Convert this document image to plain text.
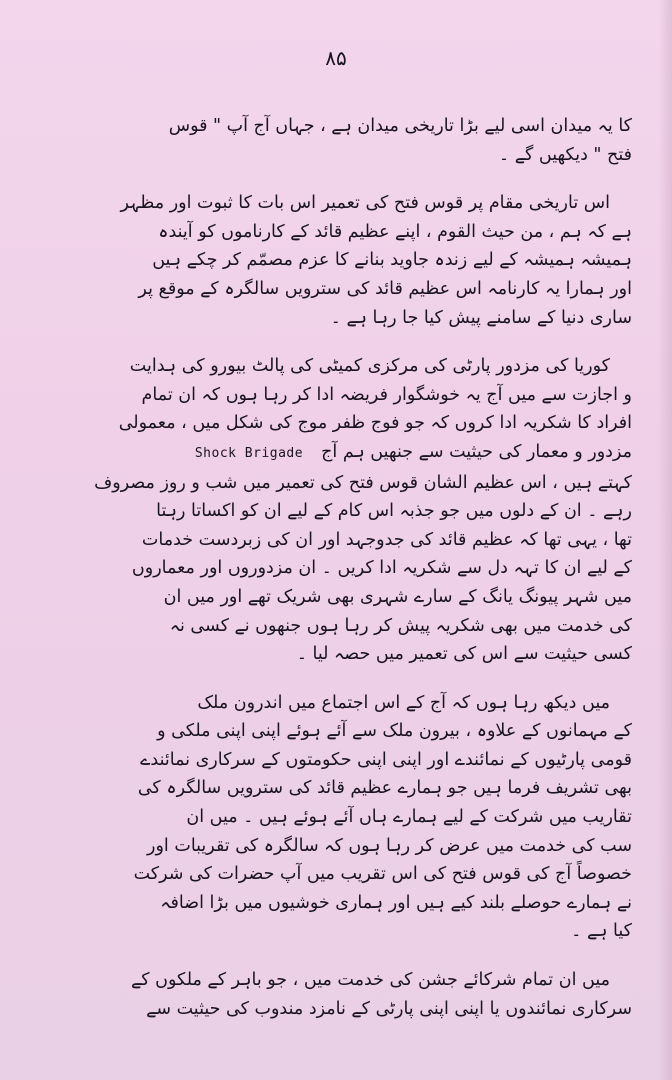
۸۵
کا یہ میدان اسی لیے بڑا تاریخی میدان ہے ، جہاں آج آپ " قوس
فتح " دیکھیں گے ۔
اس تاریخی مقام پر قوس فتح کی تعمیر اس بات کا ثبوت اور مظہر
ہے کہ ہم ، من حیث القوم ، اپنے عظیم قائد کے کارناموں کو آیندہ
ہمیشہ ہمیشہ کے لیے زندہ جاوید بنانے کا عزم مصمّم کر چکے ہیں
اور ہمارا یہ کارنامہ اس عظیم قائد کی سترویں سالگرہ کے موقع پر
ساری دنیا کے سامنے پیش کیا جا رہا ہے ۔
کوریا کی مزدور پارٹی کی مرکزی کمیٹی کی پالٹ بیورو کی ہدایت
و اجازت سے میں آج یہ خوشگوار فریضہ ادا کر رہا ہوں کہ ان تمام
افراد کا شکریہ ادا کروں کہ جو فوج ظفر موج کی شکل میں ، معمولی
مزدور و معمار کی حیثیت سے جنھیں ہم آجShock Brigade
کہتے ہیں ، اس عظیم الشان قوس فتح کی تعمیر میں شب و روز مصروف
رہے ۔ ان کے دلوں میں جو جذبہ اس کام کے لیے ان کو اکساتا رہتا
تھا ، یہی تھا کہ عظیم قائد کی جدوجہد اور ان کی زبردست خدمات
کے لیے ان کا تہہ دل سے شکریہ ادا کریں ۔ ان مزدوروں اور معماروں
میں شہر پیونگ یانگ کے سارے شہری بھی شریک تھے اور میں ان
کی خدمت میں بھی شکریہ پیش کر رہا ہوں جنھوں نے کسی نہ
کسی حیثیت سے اس کی تعمیر میں حصہ لیا ۔
میں دیکھ رہا ہوں کہ آج کے اس اجتماع میں اندرون ملک
کے مہمانوں کے علاوہ ، بیرون ملک سے آئے ہوئے اپنی اپنی ملکی و
قومی پارٹیوں کے نمائندے اور اپنی اپنی حکومتوں کے سرکاری نمائندے
بھی تشریف فرما ہیں جو ہمارے عظیم قائد کی سترویں سالگرہ کی
تقاریب میں شرکت کے لیے ہمارے ہاں آئے ہوئے ہیں ۔ میں ان
سب کی خدمت میں عرض کر رہا ہوں کہ سالگرہ کی تقریبات اور
خصوصاً آج کی قوس فتح کی اس تقریب میں آپ حضرات کی شرکت
نے ہمارے حوصلے بلند کیے ہیں اور ہماری خوشیوں میں بڑا اضافہ
کیا ہے ۔
میں ان تمام شرکائے جشن کی خدمت میں ، جو باہر کے ملکوں کے
سرکاری نمائندوں یا اپنی اپنی پارٹی کے نامزد مندوب کی حیثیت سے
